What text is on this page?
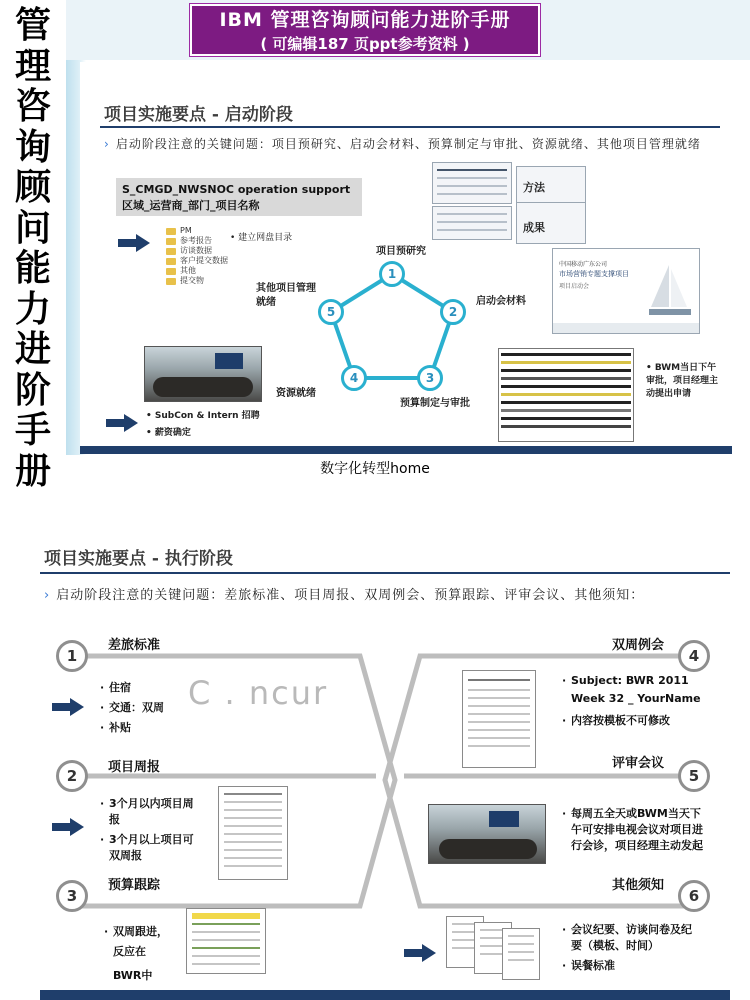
管
理
咨
询
顾
问
能
力
进
阶
手
册
IBM 管理咨询顾问能力进阶手册
( 可编辑187 页ppt参考资料 )
项目实施要点 - 启动阶段
› 启动阶段注意的关键问题：项目预研究、启动会材料、预算制定与审批、资源就绪、其他项目管理就绪
S_CMGD_NWSNOC operation support
区域_运营商_部门_项目名称
PM
参考报告
访谈数据
客户提交数据
其他
提交物
• 建立网盘目录
方法
成果
1
2
3
4
5
项目预研究
启动会材料
预算制定与审批
资源就绪
其他项目管理就绪
中国移动广东公司
市场营销专题支撑项目
项目启动会
• BWM当日下午审批，项目经理主动提出申请
• SubCon & Intern 招聘
• 薪资确定
数字化转型home
项目实施要点 - 执行阶段
› 启动阶段注意的关键问题：差旅标准、项目周报、双周例会、预算跟踪、评审会议、其他须知：
1
差旅标准
· 住宿
· 交通：双周
· 补贴
C . ncur
2	项目周报
· 3个月以内项目周报
· 3个月以上项目可双周报
3
预算跟踪
· 双周跟进，反应在
BWR中
4
双周例会
· Subject: BWR 2011 Week 32 _ YourName
· 内容按模板不可修改
5
评审会议
· 每周五全天或BWM当天下午可安排电视会议对项目进行会诊，项目经理主动发起
6
其他须知
· 会议纪要、访谈问卷及纪要（模板、时间）
· 误餐标准
